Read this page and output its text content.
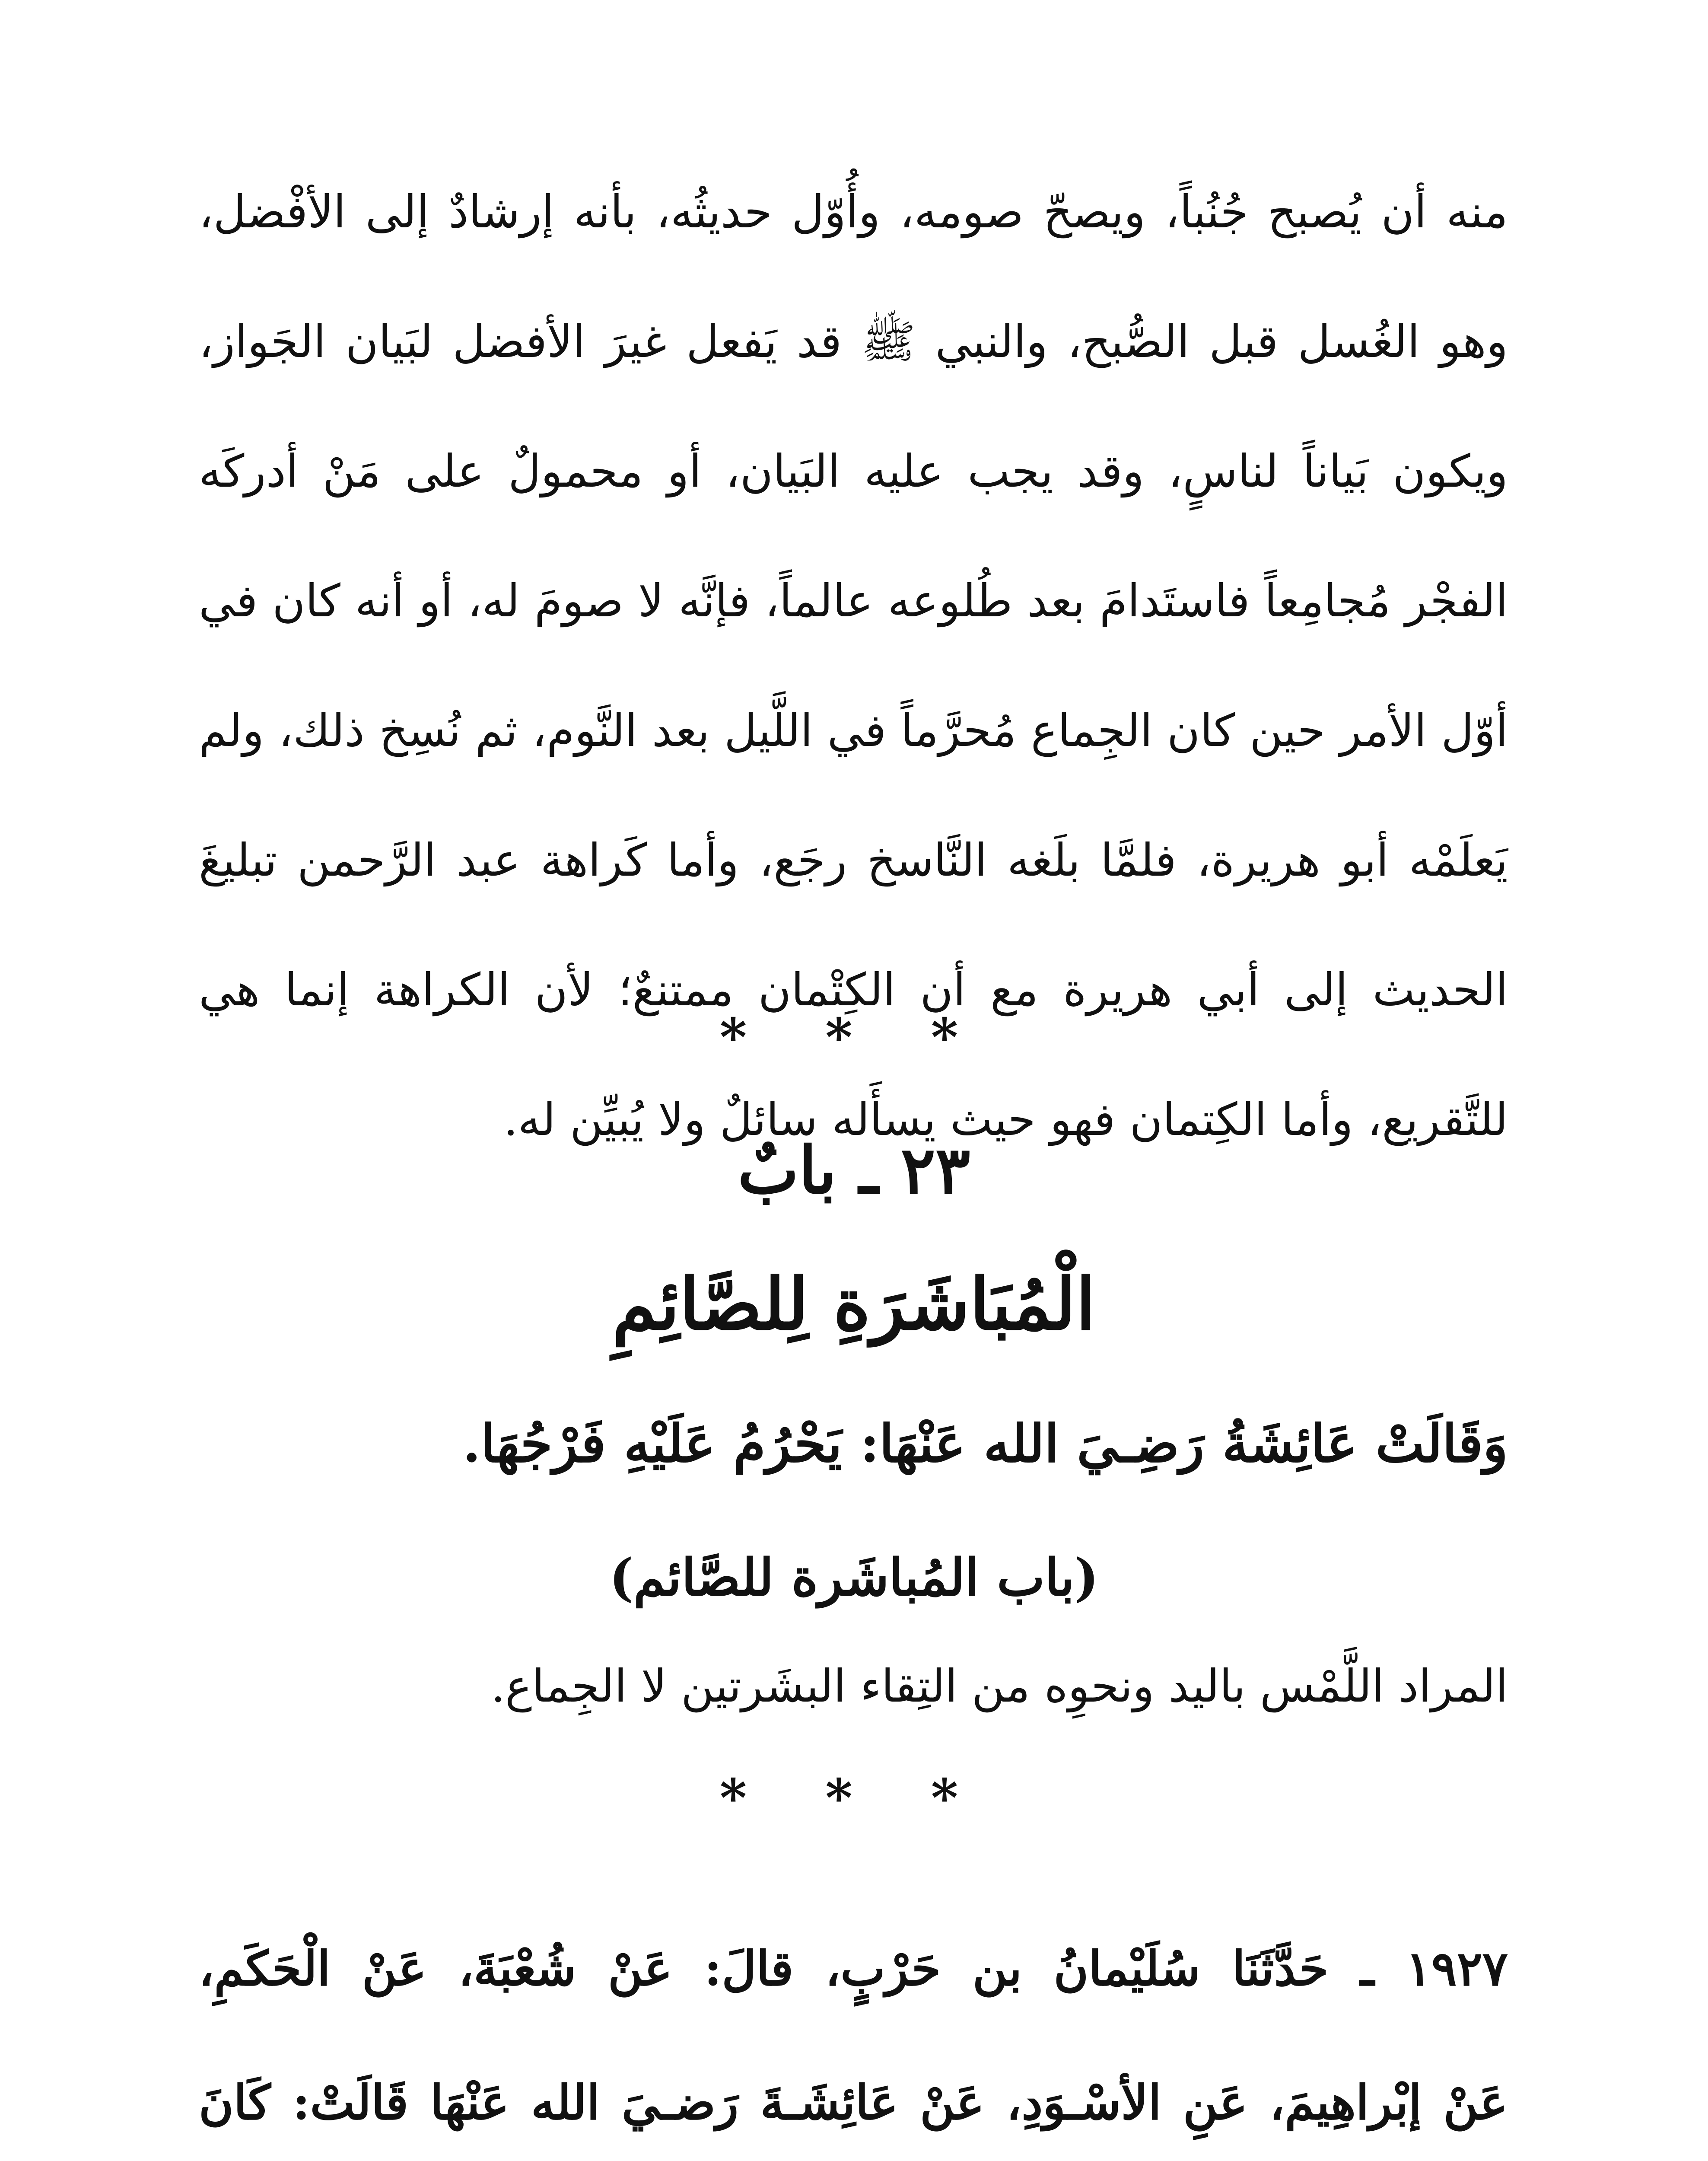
منه أن يُصبح جُنُباً، ويصحّ صومه، وأُوّل حديثُه، بأنه إرشادٌ إلى الأفْضل،
وهو الغُسل قبل الصُّبح، والنبي ﷺ قد يَفعل غيرَ الأفضل لبَيان الجَواز،
ويكون بَياناً لناسٍ، وقد يجب عليه البَيان، أو محمولٌ على مَنْ أدركَه
الفجْر مُجامِعاً فاستَدامَ بعد طُلوعه عالماً، فإنَّه لا صومَ له، أو أنه كان في
أوّل الأمر حين كان الجِماع مُحرَّماً في اللَّيل بعد النَّوم، ثم نُسِخ ذلك، ولم
يَعلَمْه أبو هريرة، فلمَّا بلَغه النَّاسخ رجَع، وأما كَراهة عبد الرَّحمن تبليغَ
الحديث إلى أبي هريرة مع أن الكِتْمان ممتنعٌ؛ لأن الكراهة إنما هي
للتَّقريع، وأما الكِتمان فهو حيث يسأَله سائلٌ ولا يُبيِّن له.
* * *
٢٣ ـ بابٌ
الْمُبَاشَرَةِ لِلصَّائِمِ
وَقَالَتْ عَائِشَةُ رَضِـيَ الله عَنْهَا: يَحْرُمُ عَلَيْهِ فَرْجُهَا.
(باب المُباشَرة للصَّائم)
المراد اللَّمْس باليد ونحوِه من التِقاء البشَرتين لا الجِماع.
* * *
١٩٢٧ ـ حَدَّثَنَا سُلَيْمانُ بن حَرْبٍ، قالَ: عَنْ شُعْبَةَ، عَنْ الْحَكَمِ،
عَنْ إبْراهِيمَ، عَنِ الأسْـوَدِ، عَنْ عَائِشَـةَ رَضـيَ الله عَنْهَا قَالَتْ: كَانَ
